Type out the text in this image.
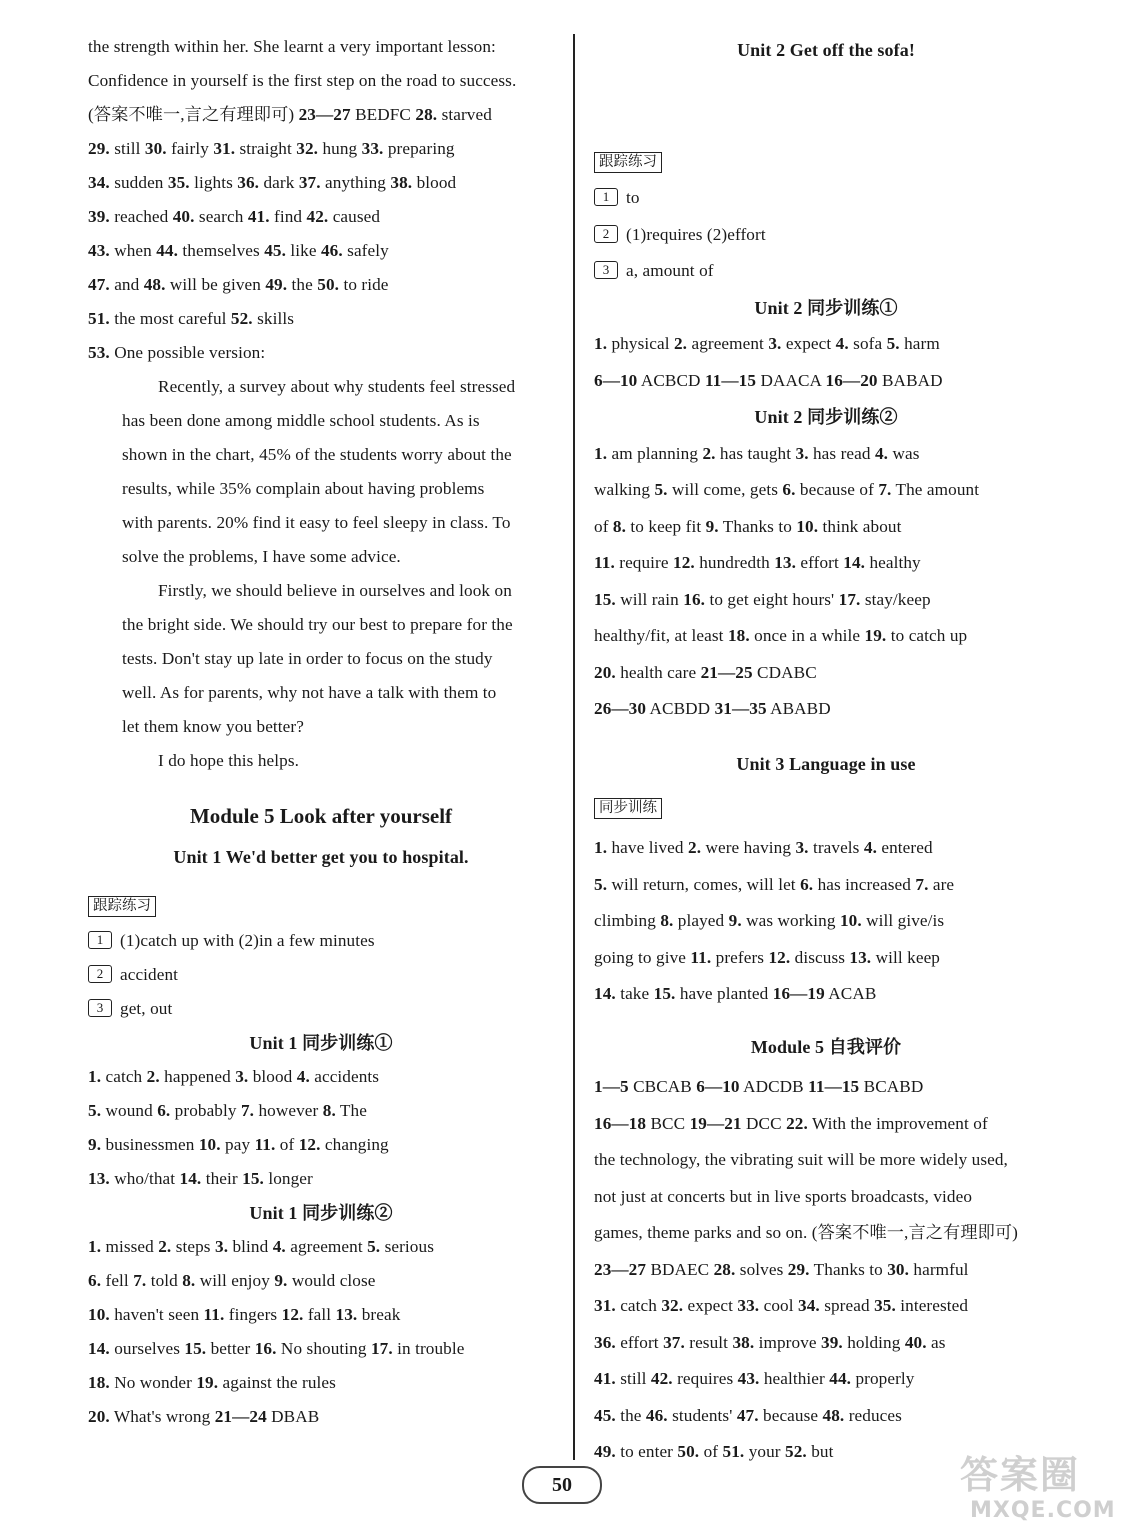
the strength within her. She learnt a very important lesson:
Confidence in yourself is the first step on the road to success.
(答案不唯一,言之有理即可) 23—27 BEDFC 28. starved
29. still 30. fairly 31. straight 32. hung 33. preparing
34. sudden 35. lights 36. dark 37. anything 38. blood
39. reached 40. search 41. find 42. caused
43. when 44. themselves 45. like 46. safely
47. and 48. will be given 49. the 50. to ride
51. the most careful 52. skills
53. One possible version:
Recently, a survey about why students feel stressed
has been done among middle school students. As is
shown in the chart, 45% of the students worry about the
results, while 35% complain about having problems
with parents. 20% find it easy to feel sleepy in class. To
solve the problems, I have some advice.
Firstly, we should believe in ourselves and look on
the bright side. We should try our best to prepare for the
tests. Don't stay up late in order to focus on the study
well. As for parents, why not have a talk with them to
let them know you better?
I do hope this helps.
Module 5 Look after yourself
Unit 1 We'd better get you to hospital.
跟踪练习
1 (1)catch up with (2)in a few minutes
2 accident
3 get, out
Unit 1 同步训练①
1. catch 2. happened 3. blood 4. accidents
5. wound 6. probably 7. however 8. The
9. businessmen 10. pay 11. of 12. changing
13. who/that 14. their 15. longer
Unit 1 同步训练②
1. missed 2. steps 3. blind 4. agreement 5. serious
6. fell 7. told 8. will enjoy 9. would close
10. haven't seen 11. fingers 12. fall 13. break
14. ourselves 15. better 16. No shouting 17. in trouble
18. No wonder 19. against the rules
20. What's wrong 21—24 DBAB
Unit 2 Get off the sofa!
跟踪练习
1 to
2 (1)requires (2)effort
3 a, amount of
Unit 2 同步训练①
1. physical 2. agreement 3. expect 4. sofa 5. harm
6—10 ACBCD 11—15 DAACA 16—20 BABAD
Unit 2 同步训练②
1. am planning 2. has taught 3. has read 4. was
walking 5. will come, gets 6. because of 7. The amount
of 8. to keep fit 9. Thanks to 10. think about
11. require 12. hundredth 13. effort 14. healthy
15. will rain 16. to get eight hours' 17. stay/keep
healthy/fit, at least 18. once in a while 19. to catch up
20. health care 21—25 CDABC
26—30 ACBDD 31—35 ABABD
Unit 3 Language in use
同步训练
1. have lived 2. were having 3. travels 4. entered
5. will return, comes, will let 6. has increased 7. are
climbing 8. played 9. was working 10. will give/is
going to give 11. prefers 12. discuss 13. will keep
14. take 15. have planted 16—19 ACAB
Module 5 自我评价
1—5 CBCAB 6—10 ADCDB 11—15 BCABD
16—18 BCC 19—21 DCC 22. With the improvement of
the technology, the vibrating suit will be more widely used,
not just at concerts but in live sports broadcasts, video
games, theme parks and so on. (答案不唯一,言之有理即可)
23—27 BDAEC 28. solves 29. Thanks to 30. harmful
31. catch 32. expect 33. cool 34. spread 35. interested
36. effort 37. result 38. improve 39. holding 40. as
41. still 42. requires 43. healthier 44. properly
45. the 46. students' 47. because 48. reduces
49. to enter 50. of 51. your 52. but
50	答案圈
MXQE.COM
